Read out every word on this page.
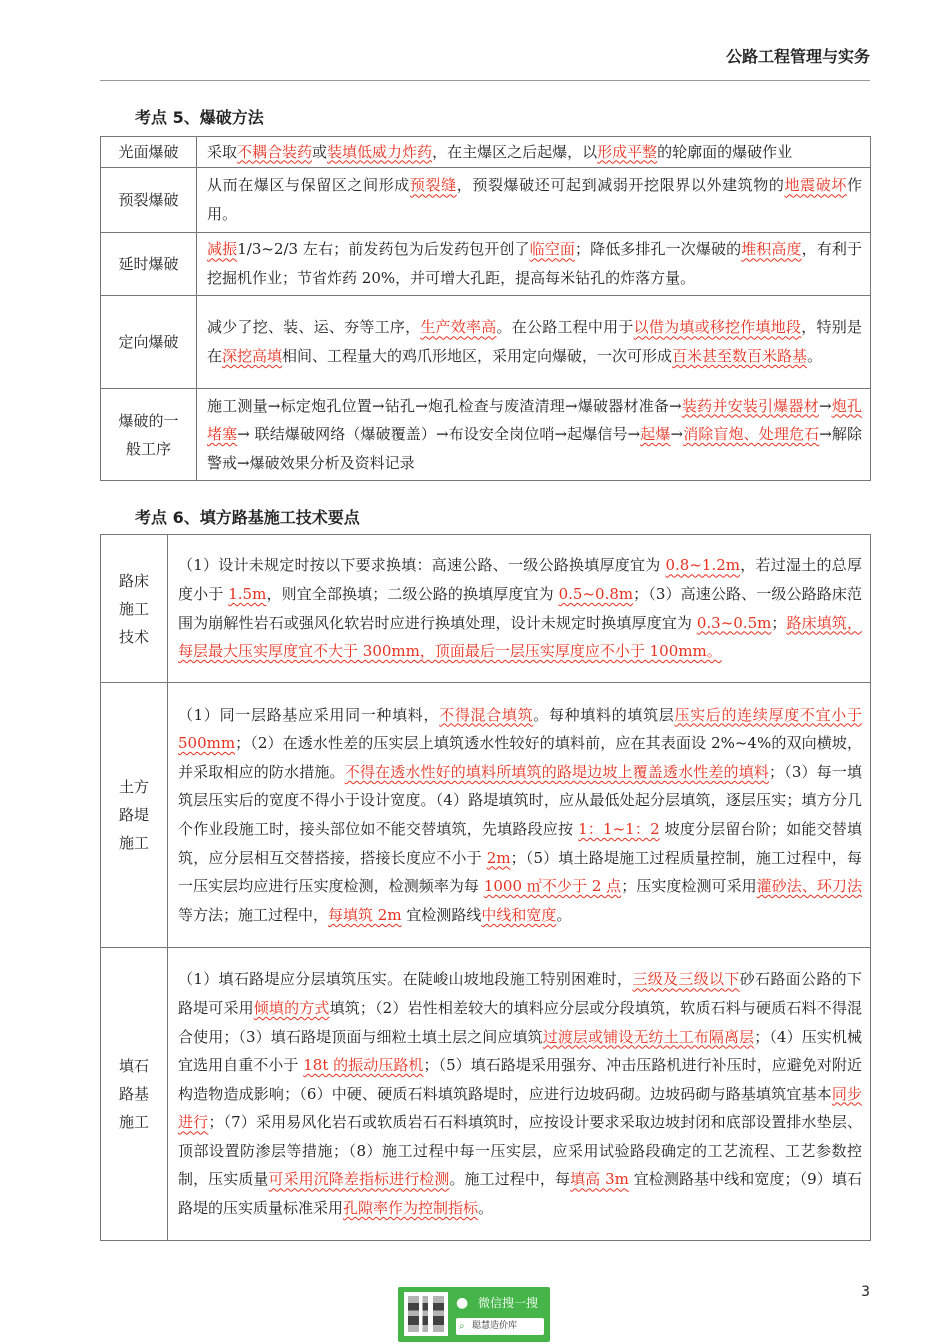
公路工程管理与实务
考点 5、爆破方法
光面爆破	采取不耦合装药或装填低威力炸药，在主爆区之后起爆，以形成平整的轮廓面的爆破作业
预裂爆破	从而在爆区与保留区之间形成预裂缝，预裂爆破还可起到减弱开挖限界以外建筑物的地震破坏作用。
延时爆破	减振1/3~2/3 左右；前发药包为后发药包开创了临空面；降低多排孔一次爆破的堆积高度，有利于挖掘机作业；节省炸药 20%，并可增大孔距，提高每米钻孔的炸落方量。
定向爆破	减少了挖、装、运、夯等工序，生产效率高。在公路工程中用于以借为填或移挖作填地段，特别是在深挖高填相间、工程量大的鸡爪形地区，采用定向爆破，一次可形成百米甚至数百米路基。
爆破的一般工序	施工测量→标定炮孔位置→钻孔→炮孔检查与废渣清理→爆破器材准备→装药并安装引爆器材→炮孔堵塞→ 联结爆破网络（爆破覆盖）→布设安全岗位哨→起爆信号→起爆→消除盲炮、处理危石→解除警戒→爆破效果分析及资料记录
考点 6、填方路基施工技术要点
路床施工技术	（1）设计未规定时按以下要求换填：高速公路、一级公路换填厚度宜为 0.8~1.2m，若过湿土的总厚度小于 1.5m，则宜全部换填；二级公路的换填厚度宜为 0.5~0.8m；（3）高速公路、一级公路路床范围为崩解性岩石或强风化软岩时应进行换填处理，设计未规定时换填厚度宜为 0.3~0.5m；路床填筑，每层最大压实厚度宜不大于 300mm，顶面最后一层压实厚度应不小于 100mm。
土方路堤施工	（1）同一层路基应采用同一种填料，不得混合填筑。每种填料的填筑层压实后的连续厚度不宜小于 500mm；（2）在透水性差的压实层上填筑透水性较好的填料前，应在其表面设 2%~4%的双向横坡，并采取相应的防水措施。不得在透水性好的填料所填筑的路堤边坡上覆盖透水性差的填料；（3）每一填筑层压实后的宽度不得小于设计宽度。（4）路堤填筑时，应从最低处起分层填筑，逐层压实；填方分几个作业段施工时，接头部位如不能交替填筑，先填路段应按 1：1~1：2 坡度分层留台阶；如能交替填筑，应分层相互交替搭接，搭接长度应不小于 2m；（5）填土路堤施工过程质量控制，施工过程中，每一压实层均应进行压实度检测，检测频率为每 1000 ㎡不少于 2 点；压实度检测可采用灌砂法、环刀法等方法；施工过程中，每填筑 2m 宜检测路线中线和宽度。
填石路基施工	（1）填石路堤应分层填筑压实。在陡峻山坡地段施工特别困难时，三级及三级以下砂石路面公路的下路堤可采用倾填的方式填筑；（2）岩性相差较大的填料应分层或分段填筑，软质石料与硬质石料不得混合使用；（3）填石路堤顶面与细粒土填土层之间应填筑过渡层或铺设无纺土工布隔离层；（4）压实机械宜选用自重不小于 18t 的振动压路机；（5）填石路堤采用强夯、冲击压路机进行补压时，应避免对附近构造物造成影响；（6）中硬、硬质石料填筑路堤时，应进行边坡码砌。边坡码砌与路基填筑宜基本同步进行；（7）采用易风化岩石或软质岩石石料填筑时，应按设计要求采取边坡封闭和底部设置排水垫层、顶部设置防渗层等措施；（8）施工过程中每一压实层，应采用试验路段确定的工艺流程、工艺参数控制，压实质量可采用沉降差指标进行检测。施工过程中，每填高 3m 宜检测路基中线和宽度；（9）填石路堤的压实质量标准采用孔隙率作为控制指标。
3
● 微信搜一搜
⌕ 聪慧造价库
